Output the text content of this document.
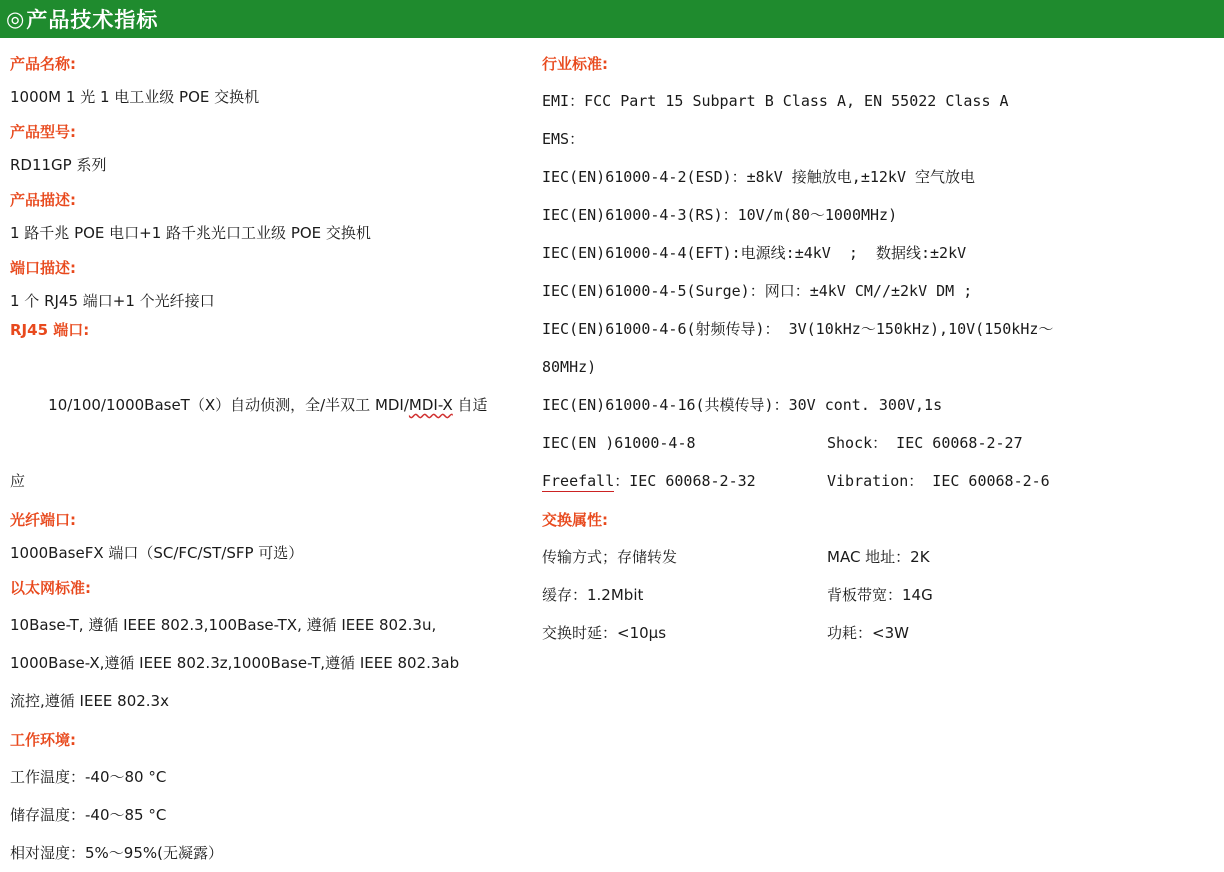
◎ 产品技术指标
产品名称:
1000M 1 光 1 电工业级 POE 交换机
产品型号:
RD11GP 系列
产品描述:
1 路千兆 POE 电口+1 路千兆光口工业级 POE 交换机
端口描述:
1 个 RJ45 端口+1 个光纤接口
RJ45 端口:

10/100/1000BaseT（X）自动侦测，全/半双工 MDI/MDI-X 自适

应
光纤端口:
1000BaseFX 端口（SC/FC/ST/SFP 可选）
以太网标准:
10Base-T, 遵循 IEEE 802.3,100Base-TX, 遵循 IEEE 802.3u,
1000Base-X,遵循 IEEE 802.3z,1000Base-T,遵循 IEEE 802.3ab
流控,遵循 IEEE 802.3x
工作环境:
工作温度：-40～80 °C
储存温度：-40～85 °C
相对湿度：5%～95%(无凝露）
行业标准:
EMI：FCC Part 15 Subpart B Class A, EN 55022 Class A
EMS：
IEC(EN)61000-4-2(ESD)：±8kV 接触放电,±12kV 空气放电
IEC(EN)61000-4-3(RS)：10V/m(80～1000MHz)
IEC(EN)61000-4-4(EFT):电源线:±4kV  ;  数据线:±2kV
IEC(EN)61000-4-5(Surge)：网口：±4kV CM//±2kV DM ;
IEC(EN)61000-4-6(射频传导)： 3V(10kHz～150kHz),10V(150kHz～
80MHz)
IEC(EN)61000-4-16(共模传导)：30V cont. 300V,1s
IEC(EN )61000-4-8	Shock： IEC 60068-2-27
Freefall：IEC 60068-2-32	Vibration： IEC 60068-2-6
交换属性:
传输方式；存储转发	MAC 地址：2K
缓存：1.2Mbit	背板带宽：14G
交换时延：<10μs	功耗：<3W
